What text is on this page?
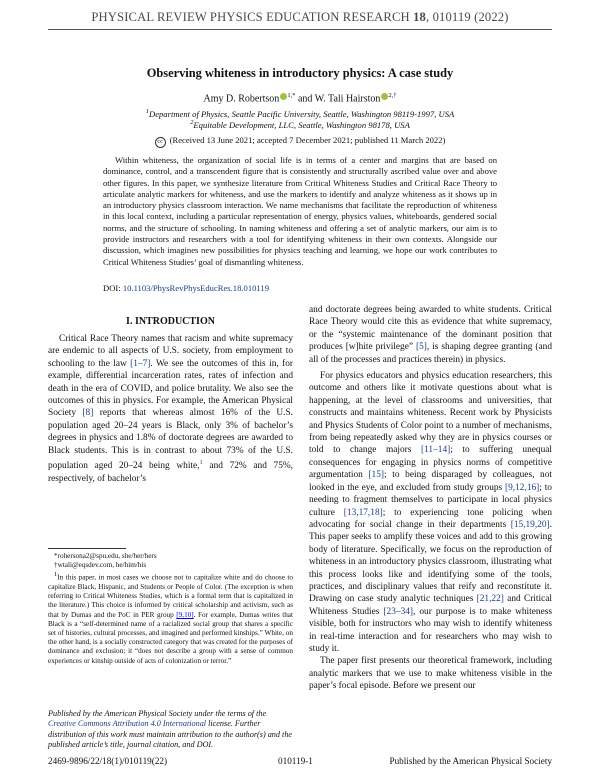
PHYSICAL REVIEW PHYSICS EDUCATION RESEARCH 18, 010119 (2022)
Observing whiteness in introductory physics: A case study
Amy D. Robertson $^{1,*}$ and W. Tali Hairston $^{2,\dagger}$
$^1$Department of Physics, Seattle Pacific University, Seattle, Washington 98119-1997, USA
$^2$Equitable Development, LLC, Seattle, Washington 98178, USA
cc (Received 13 June 2021; accepted 7 December 2021; published 11 March 2022)
Within whiteness, the organization of social life is in terms of a center and margins that are based on dominance, control, and a transcendent figure that is consistently and structurally ascribed value over and above other figures. In this paper, we synthesize literature from Critical Whiteness Studies and Critical Race Theory to articulate analytic markers for whiteness, and use the markers to identify and analyze whiteness as it shows up in an introductory physics classroom interaction. We name mechanisms that facilitate the reproduction of whiteness in this local context, including a particular representation of energy, physics values, whiteboards, gendered social norms, and the structure of schooling. In naming whiteness and offering a set of analytic markers, our aim is to provide instructors and researchers with a tool for identifying whiteness in their own contexts. Alongside our discussion, which imagines new possibilities for physics teaching and learning, we hope our work contributes to Critical Whiteness Studies’ goal of dismantling whiteness.
DOI: 10.1103/PhysRevPhysEducRes.18.010119
I. INTRODUCTION

Critical Race Theory names that racism and white supremacy are endemic to all aspects of U.S. society, from employment to schooling to the law [1–7]. We see the outcomes of this in, for example, differential incarceration rates, rates of infection and death in the era of COVID, and police brutality. We also see the outcomes of this in physics. For example, the American Physical Society [8] reports that whereas almost 16% of the U.S. population aged 20–24 years is Black, only 3% of bachelor’s degrees in physics and 1.8% of doctorate degrees are awarded to Black students. This is in contrast to about 73% of the U.S. population aged 20–24 being white,$^1$ and 72% and 75%, respectively, of bachelor’s

*rohersona2@spu.edu, she/her/hers

†wtali@eqsdev.com, he/him/his

$^1$In this paper, in most cases we choose not to capitalize white and do choose to capitalize Black, Hispanic, and Students or People of Color. (The exception is when referring to Critical Whiteness Studies, which is a formal term that is capitalized in the literature.) This choice is informed by critical scholarship and activism, such as that by Dumas and the PoC in PER group [9,10]. For example, Dumas writes that Black is a “self-determined name of a racialized social group that shares a specific set of histories, cultural processes, and imagined and performed kinships.” White, on the other hand, is a socially constructed category that was created for the purposes of dominance and exclusion; it “does not describe a group with a sense of common experiences or kinship outside of acts of colonization or terror.”

Published by the American Physical Society under the terms of the Creative Commons Attribution 4.0 International license. Further distribution of this work must maintain attribution to the author(s) and the published article’s title, journal citation, and DOI.

and doctorate degrees being awarded to white students. Critical Race Theory would cite this as evidence that white supremacy, or the “systemic maintenance of the dominant position that produces [w]hite privilege” [5], is shaping degree granting (and all of the processes and practices therein) in physics.

For physics educators and physics education researchers, this outcome and others like it motivate questions about what is happening, at the level of classrooms and universities, that constructs and maintains whiteness. Recent work by Physicists and Physics Students of Color point to a number of mechanisms, from being repeatedly asked why they are in physics courses or told to change majors [11–14]; to suffering unequal consequences for engaging in physics norms of competitive argumentation [15]; to being disparaged by colleagues, not looked in the eye, and excluded from study groups [9,12,16]; to needing to fragment themselves to participate in local physics culture [13,17,18]; to experiencing tone policing when advocating for social change in their departments [15,19,20]. This paper seeks to amplify these voices and add to this growing body of literature. Specifically, we focus on the reproduction of whiteness in an introductory physics classroom, illustrating what this process looks like and identifying some of the tools, practices, and disciplinary values that reify and reconstitute it. Drawing on case study analytic techniques [21,22] and Critical Whiteness Studies [23–34], our purpose is to make whiteness visible, both for instructors who may wish to identify whiteness in real-time interaction and for researchers who may wish to study it.

The paper first presents our theoretical framework, including analytic markers that we use to make whiteness visible in the paper’s focal episode. Before we present our

2469-9896/22/18(1)/010119(22)	010119-1	Published by the American Physical Society
